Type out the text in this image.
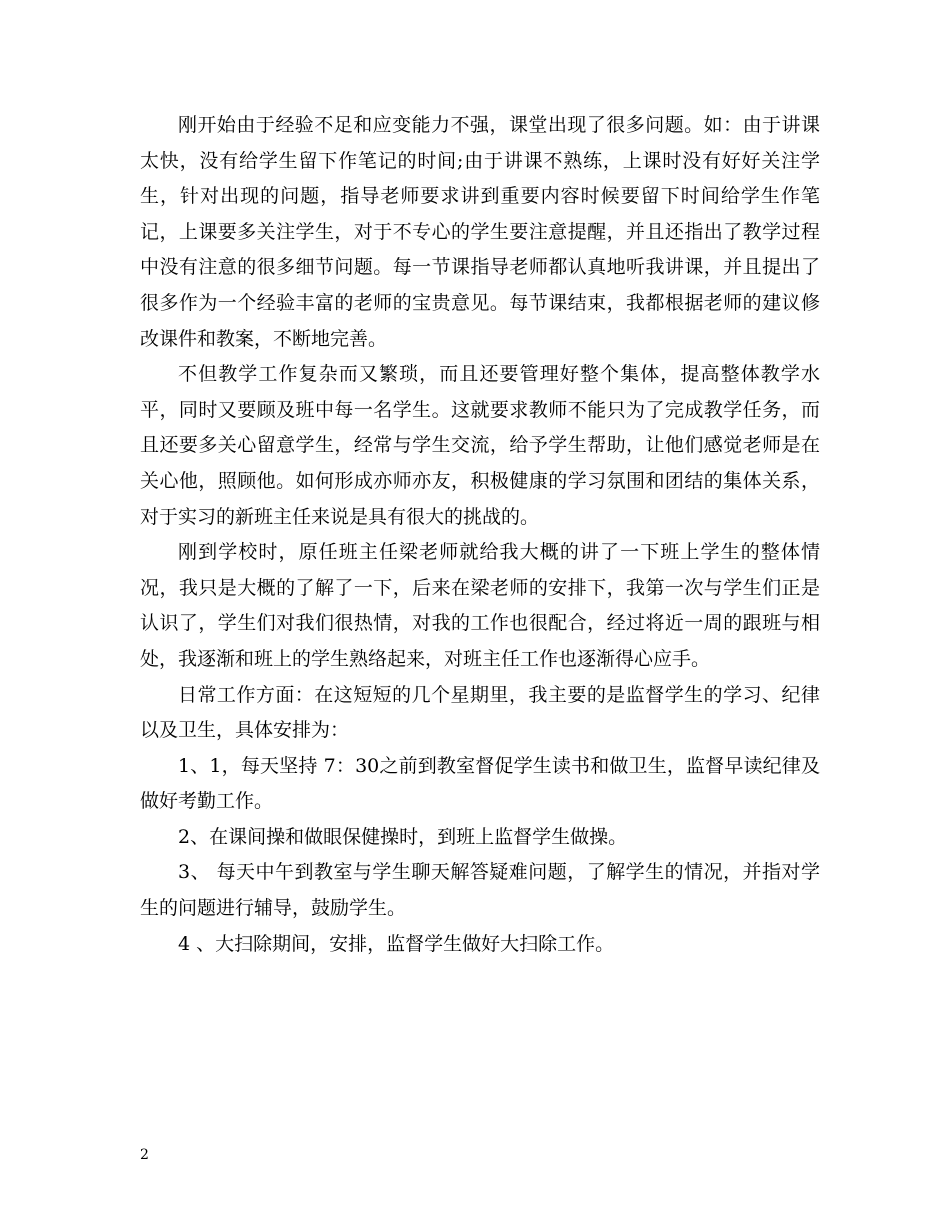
刚开始由于经验不足和应变能力不强，课堂出现了很多问题。如：由于讲课太快，没有给学生留下作笔记的时间;由于讲课不熟练，上课时没有好好关注学生，针对出现的问题，指导老师要求讲到重要内容时候要留下时间给学生作笔记，上课要多关注学生，对于不专心的学生要注意提醒，并且还指出了教学过程中没有注意的很多细节问题。每一节课指导老师都认真地听我讲课，并且提出了很多作为一个经验丰富的老师的宝贵意见。每节课结束，我都根据老师的建议修改课件和教案，不断地完善。

不但教学工作复杂而又繁琐，而且还要管理好整个集体，提高整体教学水平，同时又要顾及班中每一名学生。这就要求教师不能只为了完成教学任务，而且还要多关心留意学生，经常与学生交流，给予学生帮助，让他们感觉老师是在关心他，照顾他。如何形成亦师亦友，积极健康的学习氛围和团结的集体关系，对于实习的新班主任来说是具有很大的挑战的。

刚到学校时，原任班主任梁老师就给我大概的讲了一下班上学生的整体情况，我只是大概的了解了一下，后来在梁老师的安排下，我第一次与学生们正是认识了，学生们对我们很热情，对我的工作也很配合，经过将近一周的跟班与相处，我逐渐和班上的学生熟络起来，对班主任工作也逐渐得心应手。

日常工作方面：在这短短的几个星期里，我主要的是监督学生的学习、纪律以及卫生，具体安排为：

1、1，每天坚持 7：30之前到教室督促学生读书和做卫生，监督早读纪律及做好考勤工作。

2、在课间操和做眼保健操时，到班上监督学生做操。

3、 每天中午到教室与学生聊天解答疑难问题，了解学生的情况，并指对学生的问题进行辅导，鼓励学生。

4 、大扫除期间，安排，监督学生做好大扫除工作。

2
